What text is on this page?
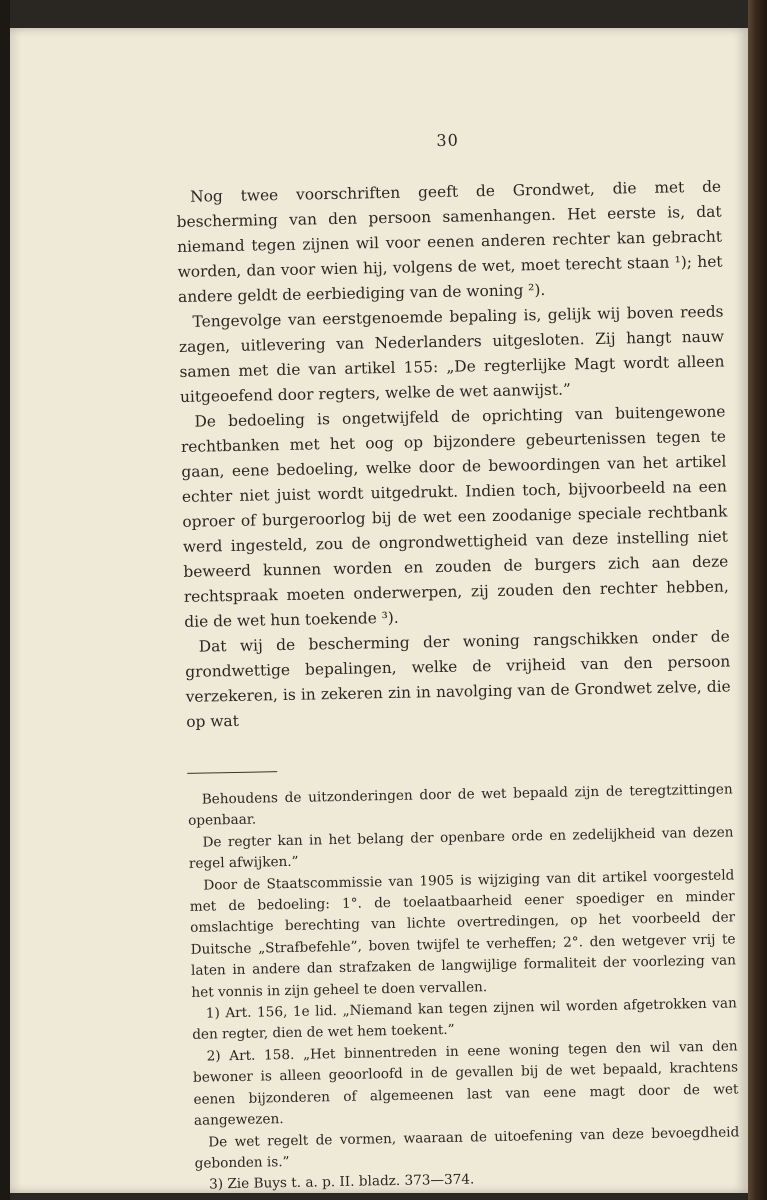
30

Nog twee voorschriften geeft de Grondwet, die met de bescherming van den persoon samenhangen. Het eerste is, dat niemand tegen zijnen wil voor eenen anderen rechter kan gebracht worden, dan voor wien hij, volgens de wet, moet terecht staan ¹); het andere geldt de eerbiediging van de woning ²).

Tengevolge van eerstgenoemde bepaling is, gelijk wij boven reeds zagen, uitlevering van Nederlanders uitgesloten. Zij hangt nauw samen met die van artikel 155: „De regterlijke Magt wordt alleen uitgeoefend door regters, welke de wet aanwijst.”

De bedoeling is ongetwijfeld de oprichting van buitengewone rechtbanken met het oog op bijzondere gebeurtenissen tegen te gaan, eene bedoeling, welke door de bewoordingen van het artikel echter niet juist wordt uitgedrukt. Indien toch, bijvoorbeeld na een oproer of burgeroorlog bij de wet een zoodanige speciale rechtbank werd ingesteld, zou de ongrondwettigheid van deze instelling niet beweerd kunnen worden en zouden de burgers zich aan deze rechtspraak moeten onderwerpen, zij zouden den rechter hebben, die de wet hun toekende ³).

Dat wij de bescherming der woning rangschikken onder de grondwettige bepalingen, welke de vrijheid van den persoon verzekeren, is in zekeren zin in navolging van de Grondwet zelve, die op wat

Behoudens de uitzonderingen door de wet bepaald zijn de teregtzittingen openbaar.

De regter kan in het belang der openbare orde en zedelijkheid van dezen regel afwijken.”

Door de Staatscommissie van 1905 is wijziging van dit artikel voorgesteld met de bedoeling: 1°. de toelaatbaarheid eener spoediger en minder omslachtige berechting van lichte overtredingen, op het voorbeeld der Duitsche „Strafbefehle”, boven twijfel te verheffen; 2°. den wetgever vrij te laten in andere dan strafzaken de langwijlige formaliteit der voorlezing van het vonnis in zijn geheel te doen vervallen.

1) Art. 156, 1e lid. „Niemand kan tegen zijnen wil worden afgetrokken van den regter, dien de wet hem toekent.”

2) Art. 158. „Het binnentreden in eene woning tegen den wil van den bewoner is alleen geoorloofd in de gevallen bij de wet bepaald, krachtens eenen bijzonderen of algemeenen last van eene magt door de wet aangewezen.

De wet regelt de vormen, waaraan de uitoefening van deze bevoegdheid gebonden is.”

3) Zie Buys t. a. p. II. bladz. 373—374.
